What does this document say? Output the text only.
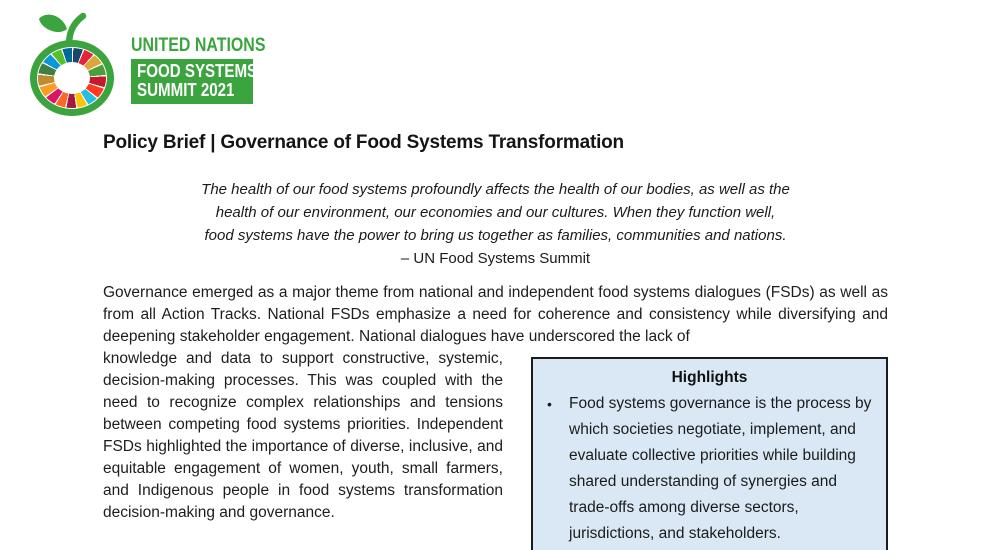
UNITED NATIONS
FOOD SYSTEMS
SUMMIT 2021
Policy Brief | Governance of Food Systems Transformation
The health of our food systems profoundly affects the health of our bodies, as well as the
health of our environment, our economies and our cultures. When they function well,
food systems have the power to bring us together as families, communities and nations.
– UN Food Systems Summit

Governance emerged as a major theme from national and independent food systems dialogues (FSDs) as well as from all Action Tracks. National FSDs emphasize a need for coherence and consistency while diversifying and deepening stakeholder engagement. National dialogues have underscored the lack of

knowledge and data to support constructive, systemic, decision-making processes. This was coupled with the need to recognize complex relationships and tensions between competing food systems priorities. Independent FSDs highlighted the importance of diverse, inclusive, and equitable engagement of women, youth, small farmers, and Indigenous people in food systems transformation decision-making and governance.

Highlights
•	Food systems governance is the process by which societies negotiate, implement, and evaluate collective priorities while building shared understanding of synergies and trade-offs among diverse sectors, jurisdictions, and stakeholders.
